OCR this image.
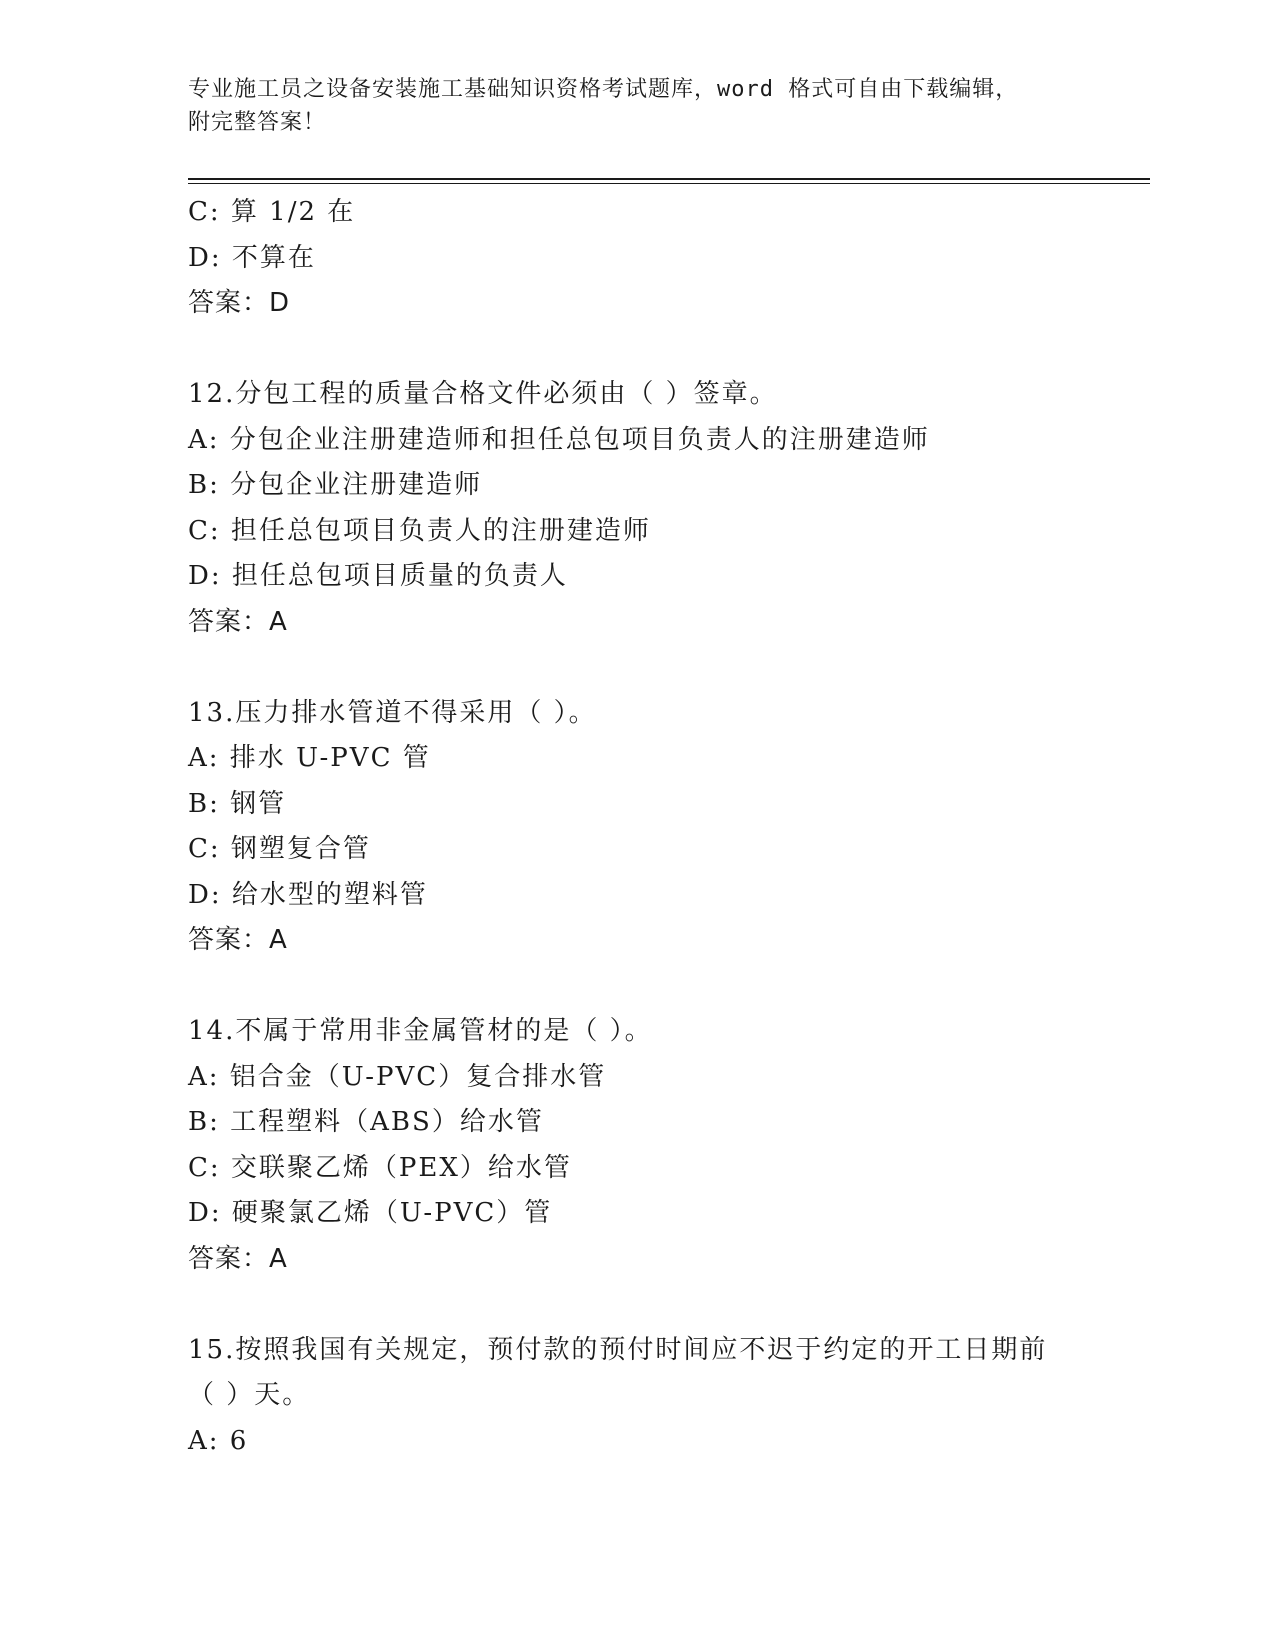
专业施工员之设备安装施工基础知识资格考试题库，word 格式可自由下载编辑，
附完整答案！
C: 算 1/2 在
D: 不算在
答案：D
12.分包工程的质量合格文件必须由（ ）签章。
A: 分包企业注册建造师和担任总包项目负责人的注册建造师
B: 分包企业注册建造师
C: 担任总包项目负责人的注册建造师
D: 担任总包项目质量的负责人
答案：A
13.压力排水管道不得采用（ ）。
A: 排水 U-PVC 管
B: 钢管
C: 钢塑复合管
D: 给水型的塑料管
答案：A
14.不属于常用非金属管材的是（ ）。
A: 铝合金（U-PVC）复合排水管
B: 工程塑料（ABS）给水管
C: 交联聚乙烯（PEX）给水管
D: 硬聚氯乙烯（U-PVC）管
答案：A
15.按照我国有关规定，预付款的预付时间应不迟于约定的开工日期前
（ ）天。
A: 6
